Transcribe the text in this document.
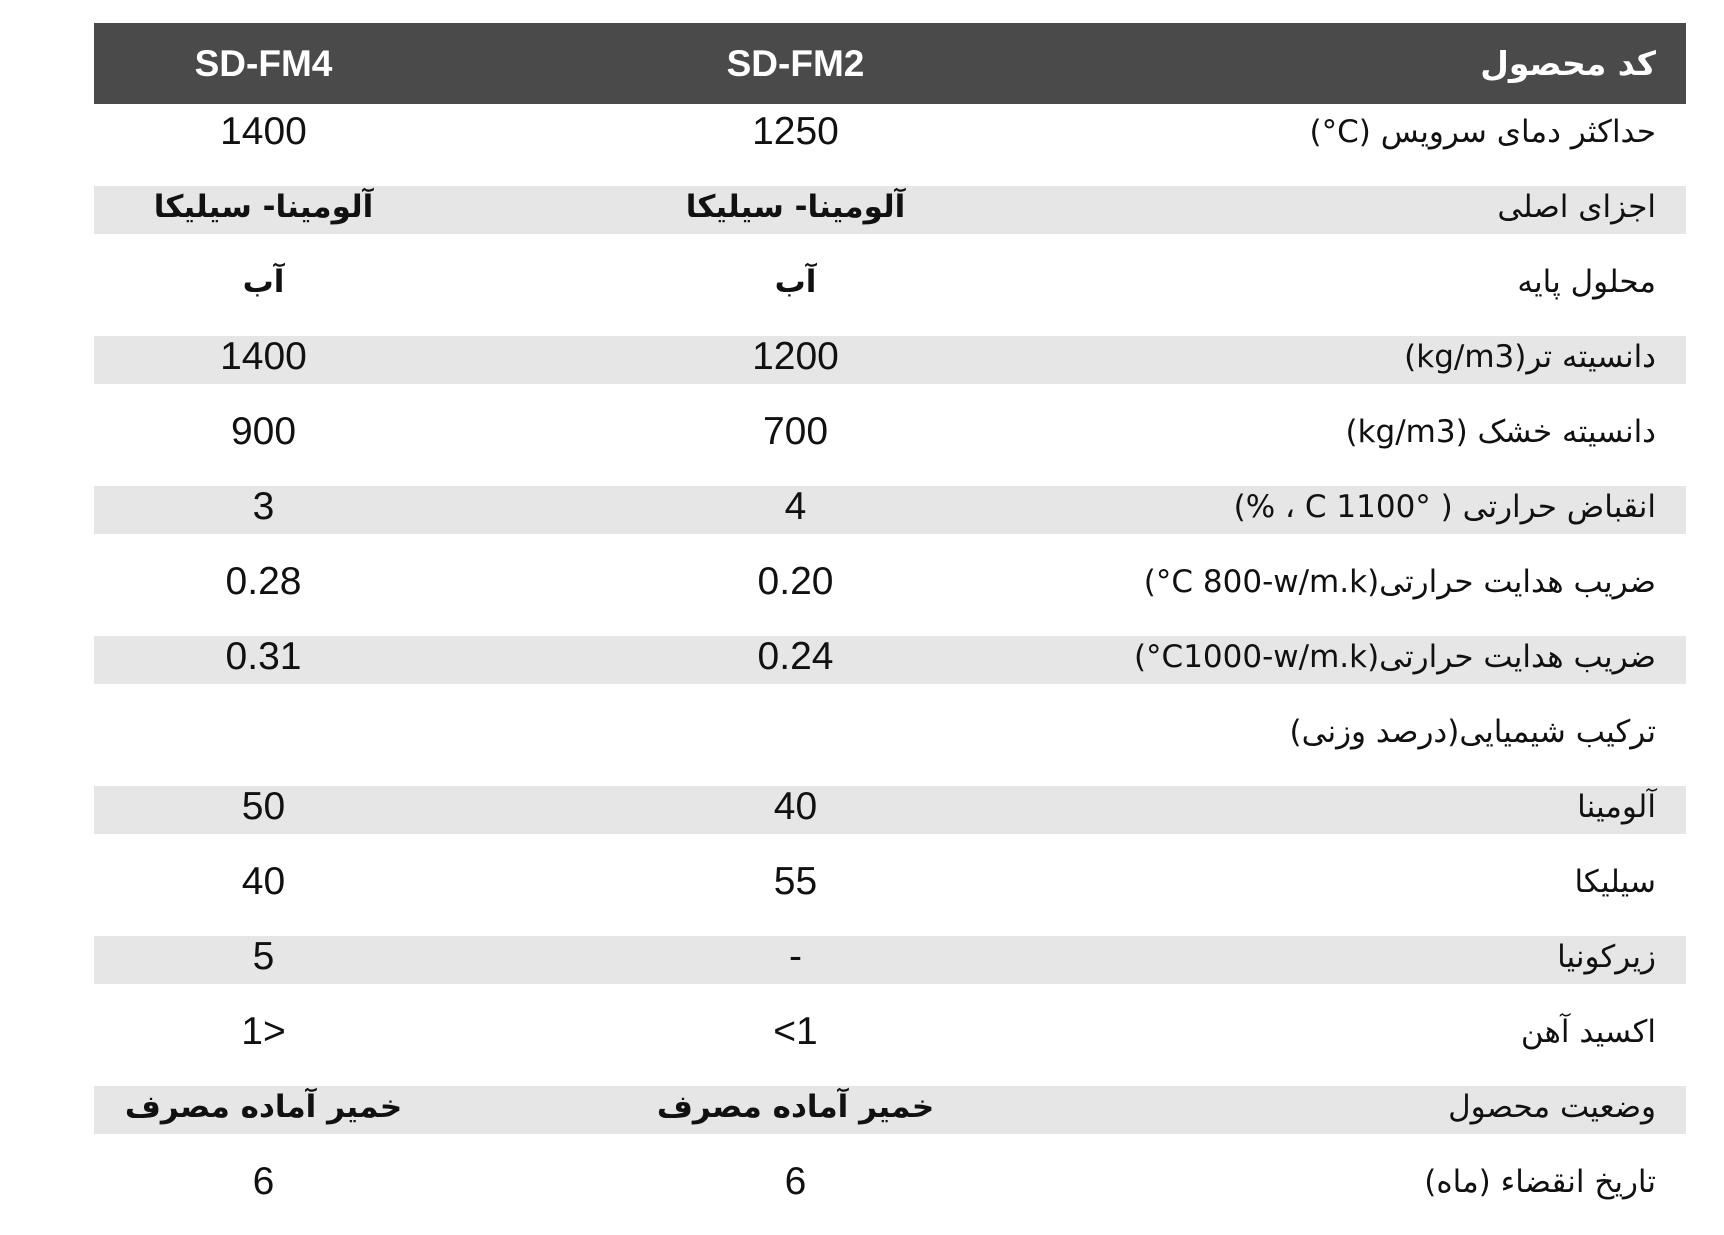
SD-FM4	SD-FM2	کد محصول
1400	1250	حداکثر دمای سرویس (C°)
آلومینا- سیلیکا	آلومینا- سیلیکا	اجزای اصلی
آب	آب	محلول پایه
1400	1200	دانسیته تر(kg/m3)
900	700	دانسیته خشک (kg/m3)
3	4	انقباض حرارتی ( C 1100° ، %)
0.28	0.20	ضریب هدایت حرارتی(C 800-w/m.k°)
0.31	0.24	ضریب هدایت حرارتی(C1000-w/m.k°)
		ترکیب شیمیایی(درصد وزنی)
50	40	آلومینا
40	55	سیلیکا
5	-	زیرکونیا
1>	<1	اکسید آهن
خمیر آماده مصرف	خمیر آماده مصرف	وضعیت محصول
6	6	تاریخ انقضاء (ماه)
